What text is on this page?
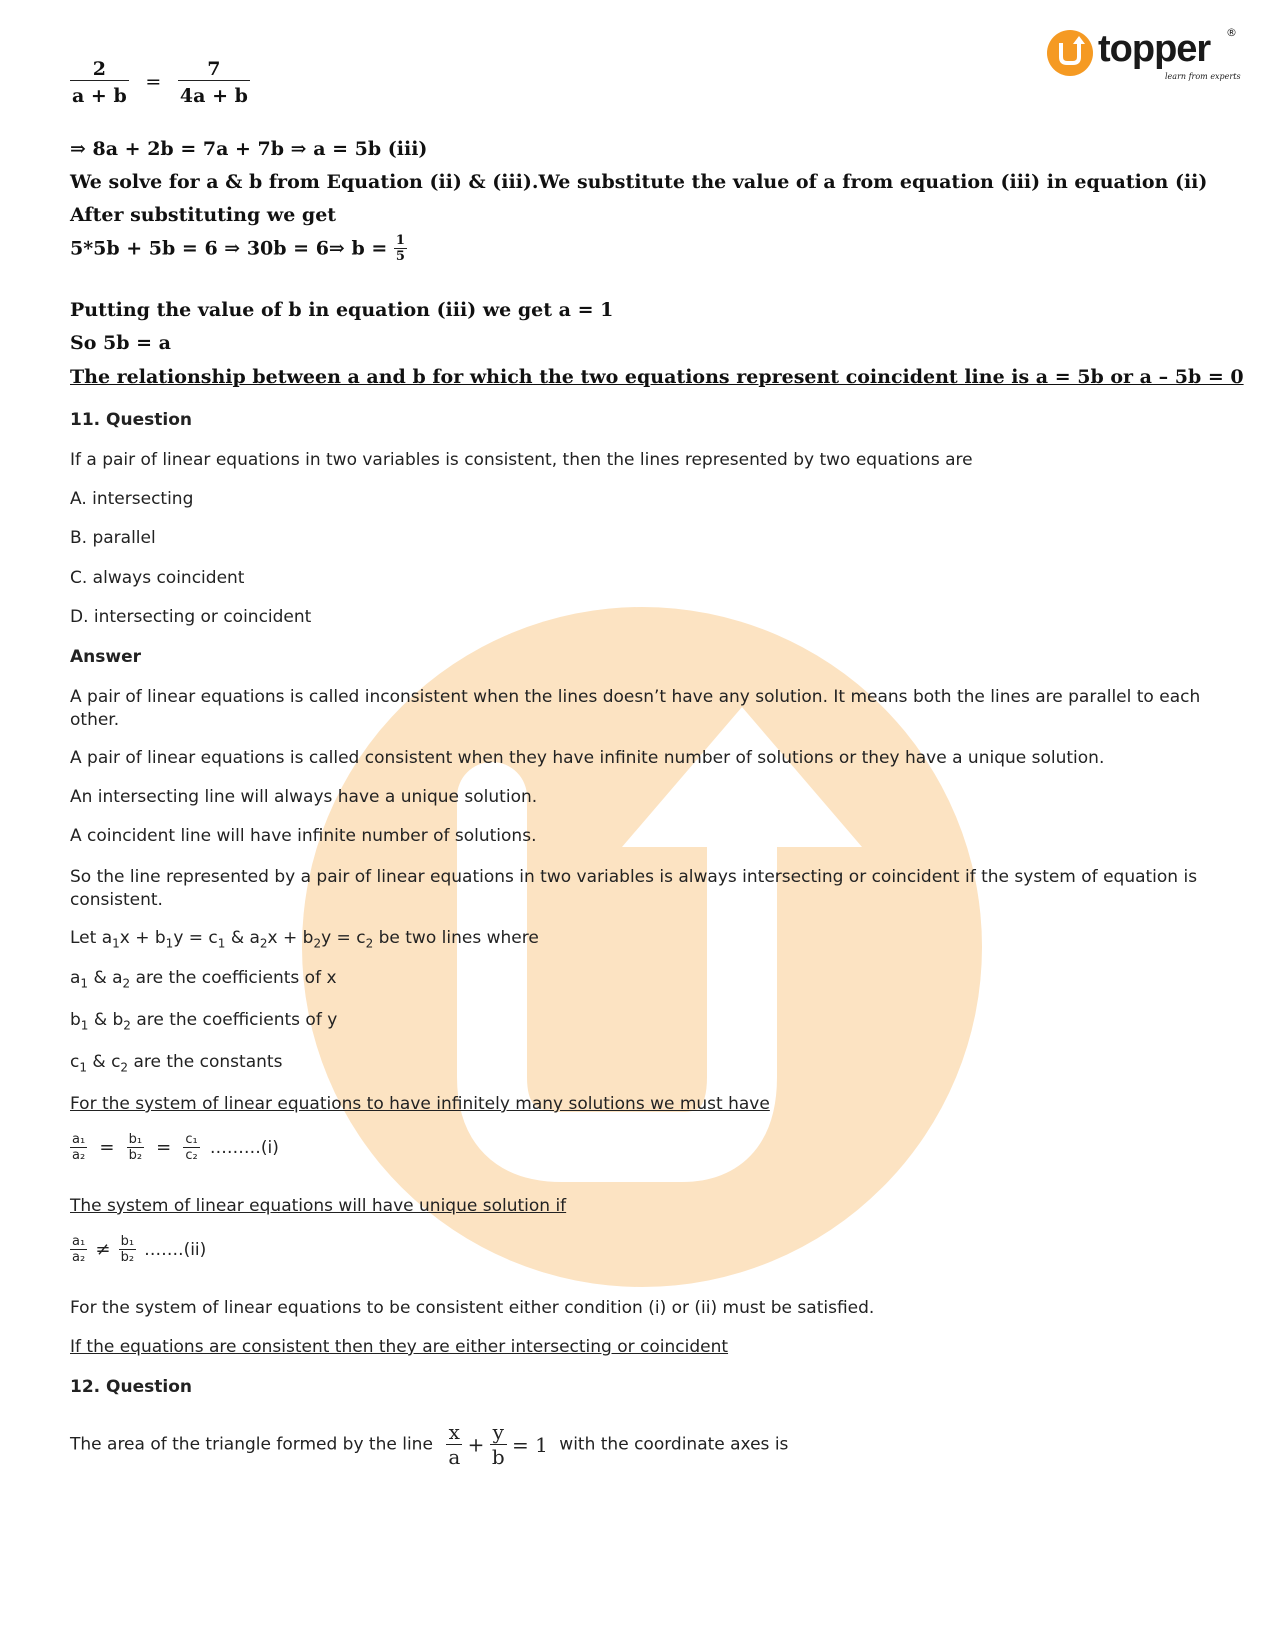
topper ®
learn from experts
$\frac{2}{a + b} = \frac{7}{4a + b}$
⇒ 8a + 2b = 7a + 7b ⇒ a = 5b (iii)
We solve for a & b from Equation (ii) & (iii).We substitute the value of a from equation (iii) in equation (ii)
After substituting we get
5*5b + 5b = 6 ⇒ 30b = 6⇒ $b = \frac{1}{5}$
Putting the value of b in equation (iii) we get a = 1
So 5b = a
The relationship between a and b for which the two equations represent coincident line is a = 5b or a – 5b = 0
11. Question
If a pair of linear equations in two variables is consistent, then the lines represented by two equations are
A. intersecting
B. parallel
C. always coincident
D. intersecting or coincident
Answer
A pair of linear equations is called inconsistent when the lines doesn’t have any solution. It means both the lines are parallel to each other.
A pair of linear equations is called consistent when they have infinite number of solutions or they have a unique solution.
An intersecting line will always have a unique solution.
A coincident line will have infinite number of solutions.
So the line represented by a pair of linear equations in two variables is always intersecting or coincident if the system of equation is consistent.
Let $a_1x + b_1y = c_1$ & $a_2x + b_2y = c_2$ be two lines where
$a_1$ & $a_2$ are the coefficients of x
$b_1$ & $b_2$ are the coefficients of y
$c_1$ & $c_2$ are the constants
For the system of linear equations to have infinitely many solutions we must have
$\frac{\text{a₁}}{\text{a₂}} = \frac{\text{b₁}}{\text{b₂}} = \frac{\text{c₁}}{\text{c₂}}$ ………(i)
The system of linear equations will have unique solution if
$\frac{\text{a₁}}{\text{a₂}} \ne \frac{\text{b₁}}{\text{b₂}}$ …….(ii)
For the system of linear equations to be consistent either condition (i) or (ii) must be satisfied.
If the equations are consistent then they are either intersecting or coincident
12. Question
The area of the triangle formed by the line $\frac{x}{a} + \frac{y}{b} = 1$ with the coordinate axes is
